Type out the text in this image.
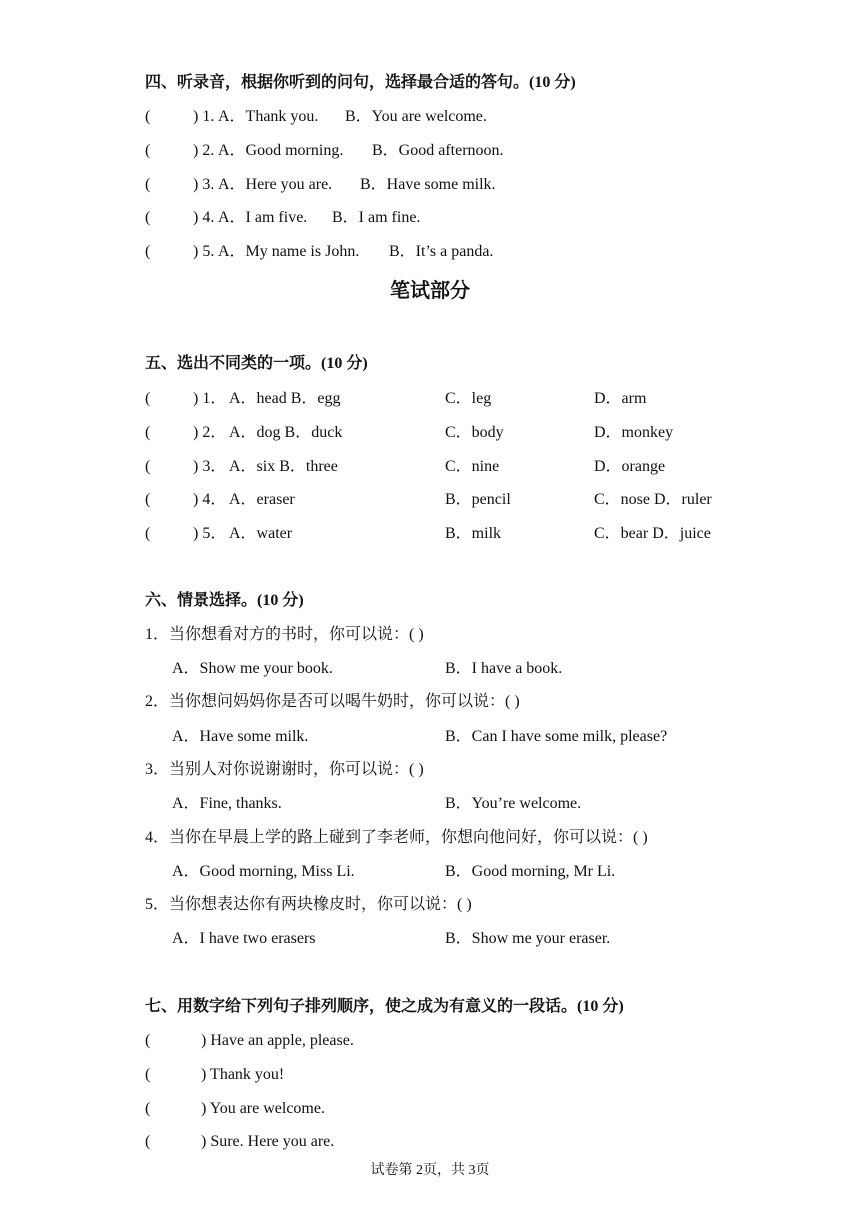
四、听录音，根据你听到的问句，选择最合适的答句。(10 分)
(	) 1. A．Thank you. B．You are welcome.
(	) 2. A．Good morning. B．Good afternoon.
(	) 3. A．Here you are. B．Have some milk.
(	) 4. A．I am five. B．I am fine.
(	) 5. A．My name is John. B．It’s a panda.
笔试部分
五、选出不同类的一项。(10 分)
(	) 1． A．head B．egg	C．leg	D．arm
(	) 2． A．dog B．duck	C．body	D．monkey
(	) 3． A．six B．three	C．nine	D．orange
(	) 4． A．eraser	B．pencil	C．nose D．ruler
(	) 5． A．water	B．milk	C．bear D．juice
六、情景选择。(10 分)
1．当你想看对方的书时，你可以说：( )
A．Show me your book.	B．I have a book.
2．当你想问妈妈你是否可以喝牛奶时，你可以说：( )
A．Have some milk.	B．Can I have some milk, please?
3．当别人对你说谢谢时，你可以说：( )
A．Fine, thanks.	B．You’re welcome.
4．当你在早晨上学的路上碰到了李老师，你想向他问好，你可以说：( )
A．Good morning, Miss Li.	B．Good morning, Mr Li.
5．当你想表达你有两块橡皮时，你可以说：( )
A．I have two erasers	B．Show me your eraser.
七、用数字给下列句子排列顺序，使之成为有意义的一段话。(10 分)
(	) Have an apple, please.
(	) Thank you!
(	) You are welcome.
(	) Sure. Here you are.
试卷第 2页，共 3页
